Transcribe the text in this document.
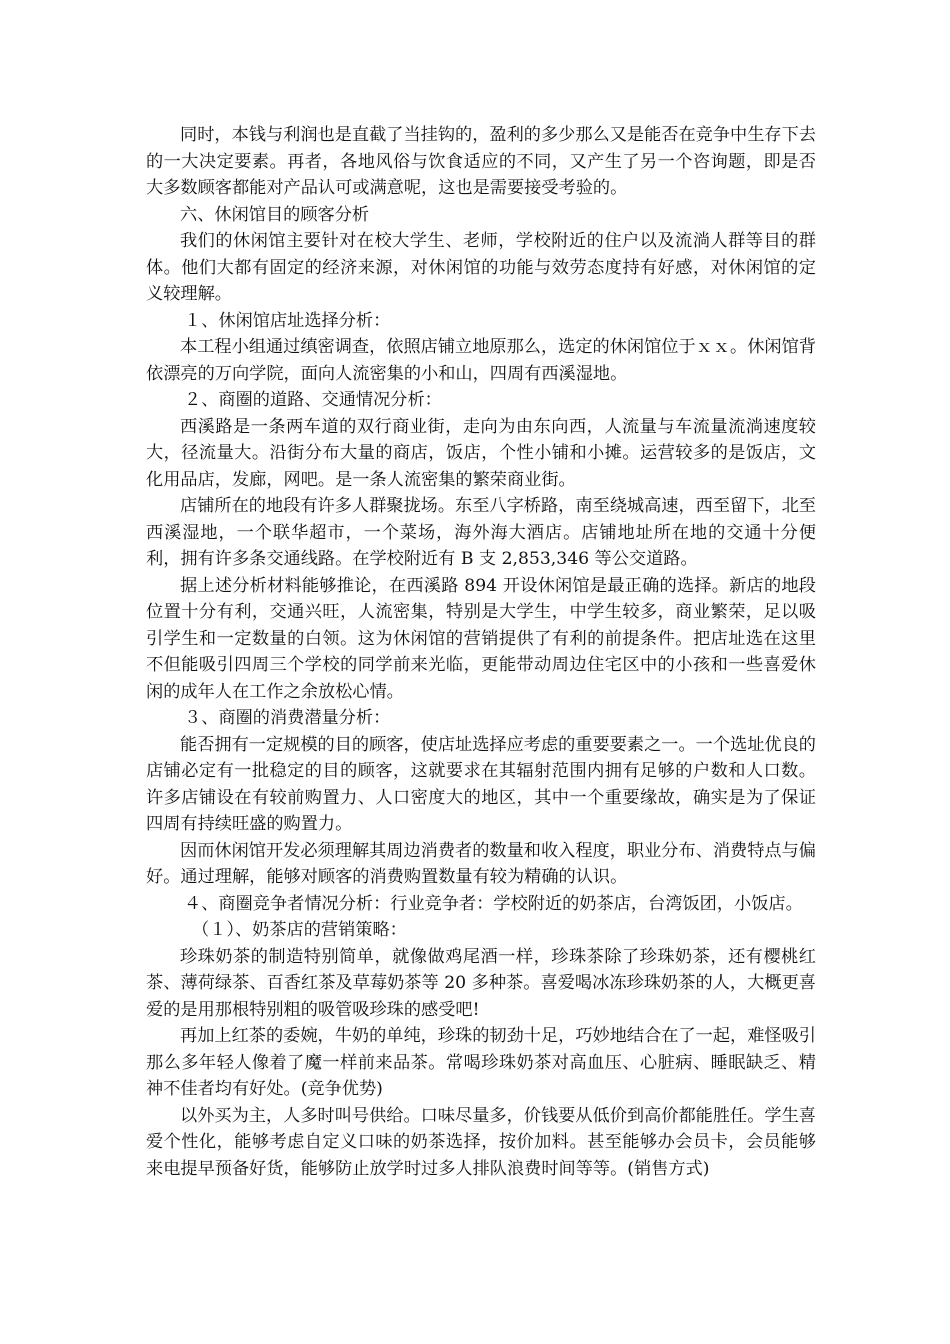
同时，本钱与利润也是直截了当挂钩的，盈利的多少那么又是能否在竞争中生存下去的一大决定要素。再者，各地风俗与饮食适应的不同，又产生了另一个咨询题，即是否大多数顾客都能对产品认可或满意呢，这也是需要接受考验的。

六、休闲馆目的顾客分析

我们的休闲馆主要针对在校大学生、老师，学校附近的住户以及流淌人群等目的群体。他们大都有固定的经济来源，对休闲馆的功能与效劳态度持有好感，对休闲馆的定义较理解。

１、休闲馆店址选择分析：

本工程小组通过缜密调查，依照店铺立地原那么，选定的休闲馆位于ｘｘ。休闲馆背依漂亮的万向学院，面向人流密集的小和山，四周有西溪湿地。

２、商圈的道路、交通情况分析：

西溪路是一条两车道的双行商业街，走向为由东向西，人流量与车流量流淌速度较大，径流量大。沿街分布大量的商店，饭店，个性小铺和小摊。运营较多的是饭店，文化用品店，发廊，网吧。是一条人流密集的繁荣商业街。

店铺所在的地段有许多人群聚拢场。东至八字桥路，南至绕城高速，西至留下，北至西溪湿地，一个联华超市，一个菜场，海外海大酒店。店铺地址所在地的交通十分便利，拥有许多条交通线路。在学校附近有 B 支 2,853,346 等公交道路。

据上述分析材料能够推论，在西溪路 894 开设休闲馆是最正确的选择。新店的地段位置十分有利，交通兴旺，人流密集，特别是大学生，中学生较多，商业繁荣，足以吸引学生和一定数量的白领。这为休闲馆的营销提供了有利的前提条件。把店址选在这里不但能吸引四周三个学校的同学前来光临，更能带动周边住宅区中的小孩和一些喜爱休闲的成年人在工作之余放松心情。

３、商圈的消费潜量分析：

能否拥有一定规模的目的顾客，使店址选择应考虑的重要要素之一。一个选址优良的店铺必定有一批稳定的目的顾客，这就要求在其辐射范围内拥有足够的户数和人口数。许多店铺设在有较前购置力、人口密度大的地区，其中一个重要缘故，确实是为了保证四周有持续旺盛的购置力。

因而休闲馆开发必须理解其周边消费者的数量和收入程度，职业分布、消费特点与偏好。通过理解，能够对顾客的消费购置数量有较为精确的认识。

４、商圈竞争者情况分析：行业竞争者：学校附近的奶茶店，台湾饭团，小饭店。

（１）、奶茶店的营销策略：

珍珠奶茶的制造特别简单，就像做鸡尾酒一样，珍珠茶除了珍珠奶茶，还有樱桃红茶、薄荷绿茶、百香红茶及草莓奶茶等 20 多种茶。喜爱喝冰冻珍珠奶茶的人，大概更喜爱的是用那根特别粗的吸管吸珍珠的感受吧!

再加上红茶的委婉，牛奶的单纯，珍珠的韧劲十足，巧妙地结合在了一起，难怪吸引那么多年轻人像着了魔一样前来品茶。常喝珍珠奶茶对高血压、心脏病、睡眠缺乏、精神不佳者均有好处。(竞争优势)

以外买为主，人多时叫号供给。口味尽量多，价钱要从低价到高价都能胜任。学生喜爱个性化，能够考虑自定义口味的奶茶选择，按价加料。甚至能够办会员卡，会员能够来电提早预备好货，能够防止放学时过多人排队浪费时间等等。(销售方式)
